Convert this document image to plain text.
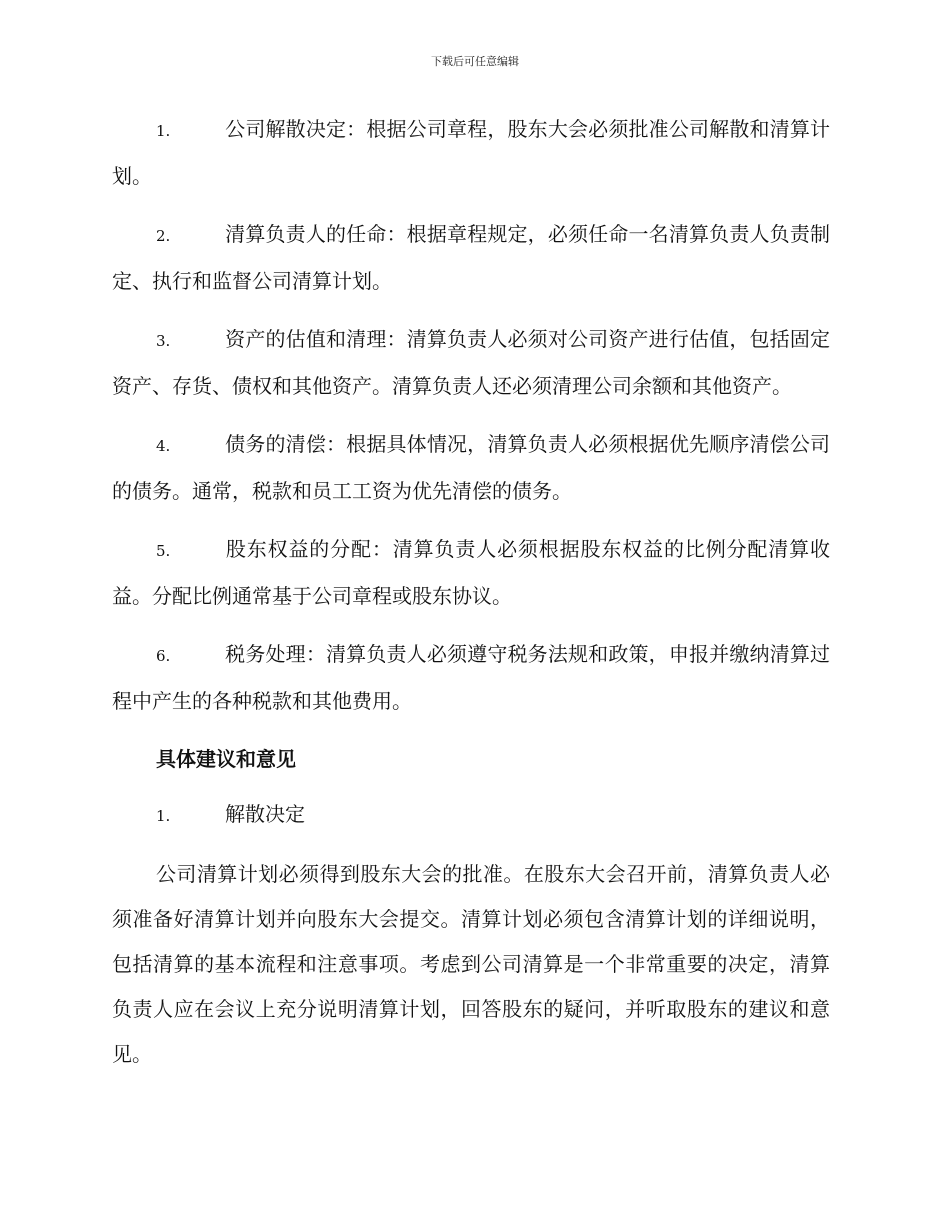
下载后可任意编辑

1.	公司解散决定：根据公司章程，股东大会必须批准公司解散和清算计划。

2.	清算负责人的任命：根据章程规定，必须任命一名清算负责人负责制定、执行和监督公司清算计划。

3.	资产的估值和清理：清算负责人必须对公司资产进行估值，包括固定资产、存货、债权和其他资产。清算负责人还必须清理公司余额和其他资产。

4.	债务的清偿：根据具体情况，清算负责人必须根据优先顺序清偿公司的债务。通常，税款和员工工资为优先清偿的债务。

5.	股东权益的分配：清算负责人必须根据股东权益的比例分配清算收益。分配比例通常基于公司章程或股东协议。

6.	税务处理：清算负责人必须遵守税务法规和政策，申报并缴纳清算过程中产生的各种税款和其他费用。

具体建议和意见

1.	解散决定

公司清算计划必须得到股东大会的批准。在股东大会召开前，清算负责人必须准备好清算计划并向股东大会提交。清算计划必须包含清算计划的详细说明，包括清算的基本流程和注意事项。考虑到公司清算是一个非常重要的决定，清算负责人应在会议上充分说明清算计划，回答股东的疑问，并听取股东的建议和意见。
